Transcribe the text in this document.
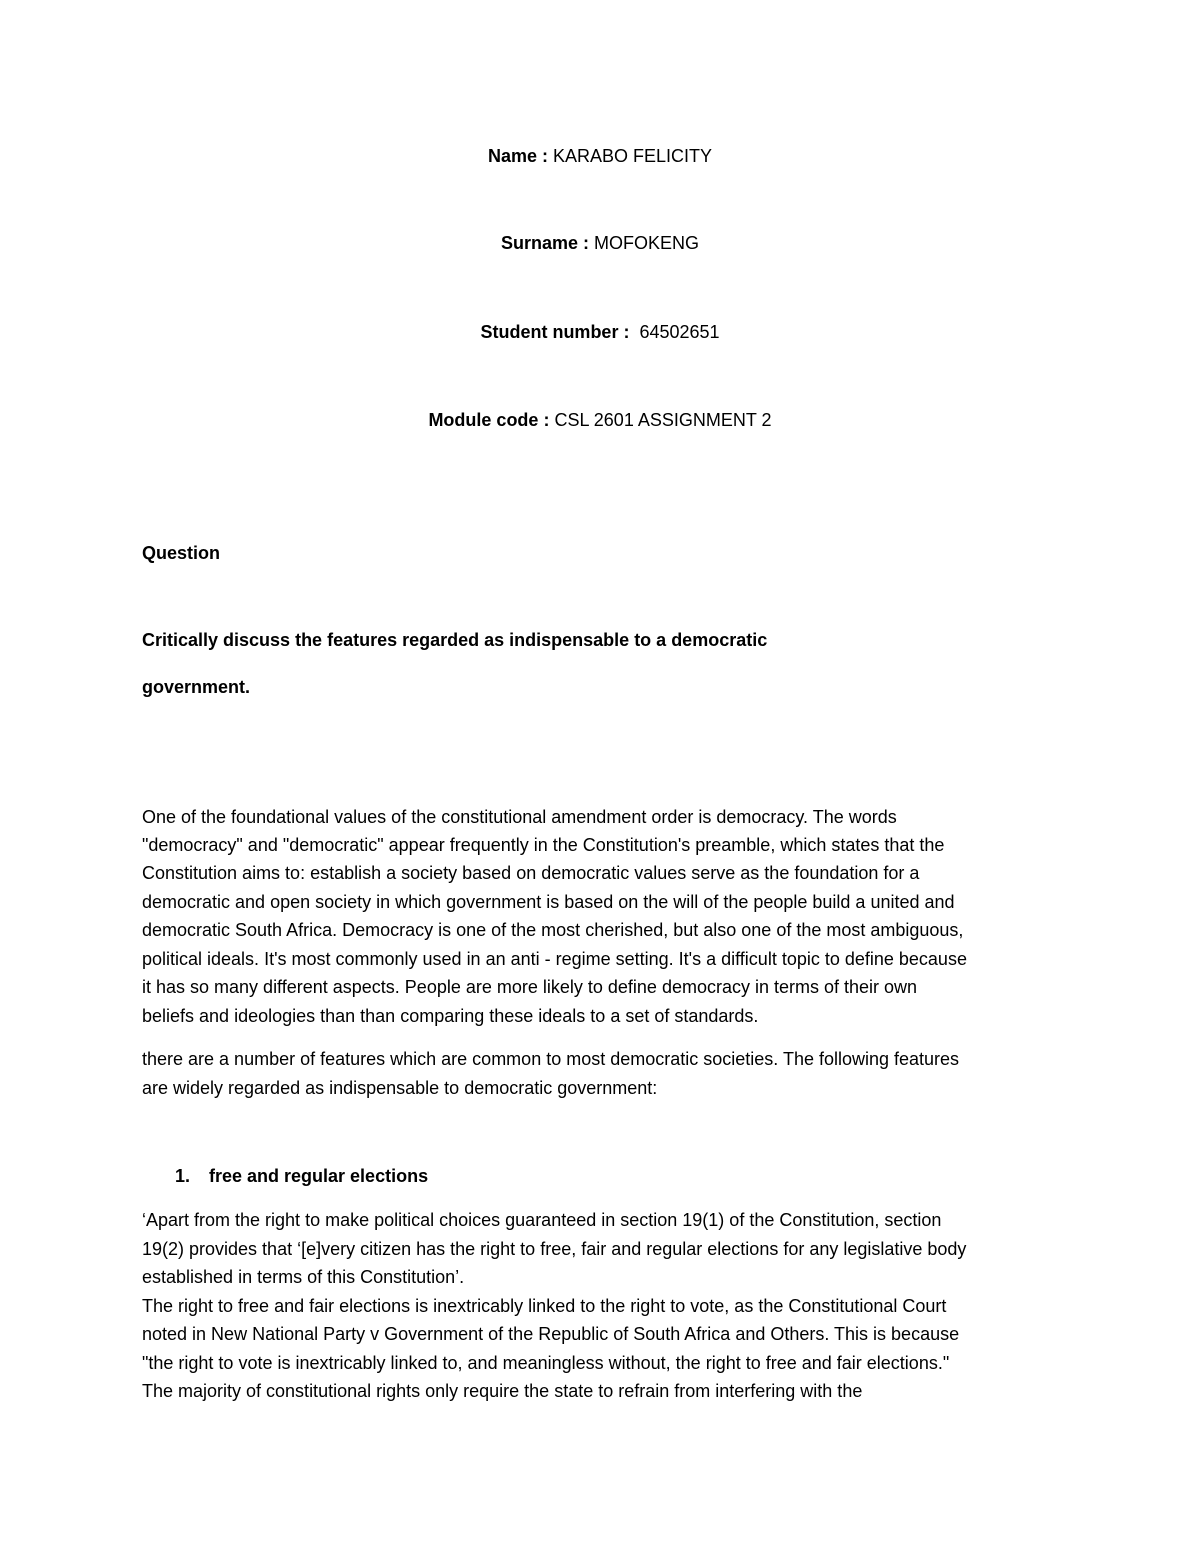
Name : KARABO FELICITY
Surname : MOFOKENG
Student number :  64502651
Module code : CSL 2601 ASSIGNMENT 2
Question
Critically discuss the features regarded as indispensable to a democratic
government.
One of the foundational values of the constitutional amendment order is democracy. The words
"democracy" and "democratic" appear frequently in the Constitution's preamble, which states that the
Constitution aims to: establish a society based on democratic values serve as the foundation for a
democratic and open society in which government is based on the will of the people build a united and
democratic South Africa. Democracy is one of the most cherished, but also one of the most ambiguous,
political ideals. It's most commonly used in an anti - regime setting. It's a difficult topic to define because
it has so many different aspects. People are more likely to define democracy in terms of their own
beliefs and ideologies than than comparing these ideals to a set of standards.
there are a number of features which are common to most democratic societies. The following features
are widely regarded as indispensable to democratic government:
1. free and regular elections
‘Apart from the right to make political choices guaranteed in section 19(1) of the Constitution, section
19(2) provides that ‘[e]very citizen has the right to free, fair and regular elections for any legislative body
established in terms of this Constitution’.
The right to free and fair elections is inextricably linked to the right to vote, as the Constitutional Court
noted in New National Party v Government of the Republic of South Africa and Others. This is because
"the right to vote is inextricably linked to, and meaningless without, the right to free and fair elections."
The majority of constitutional rights only require the state to refrain from interfering with the
